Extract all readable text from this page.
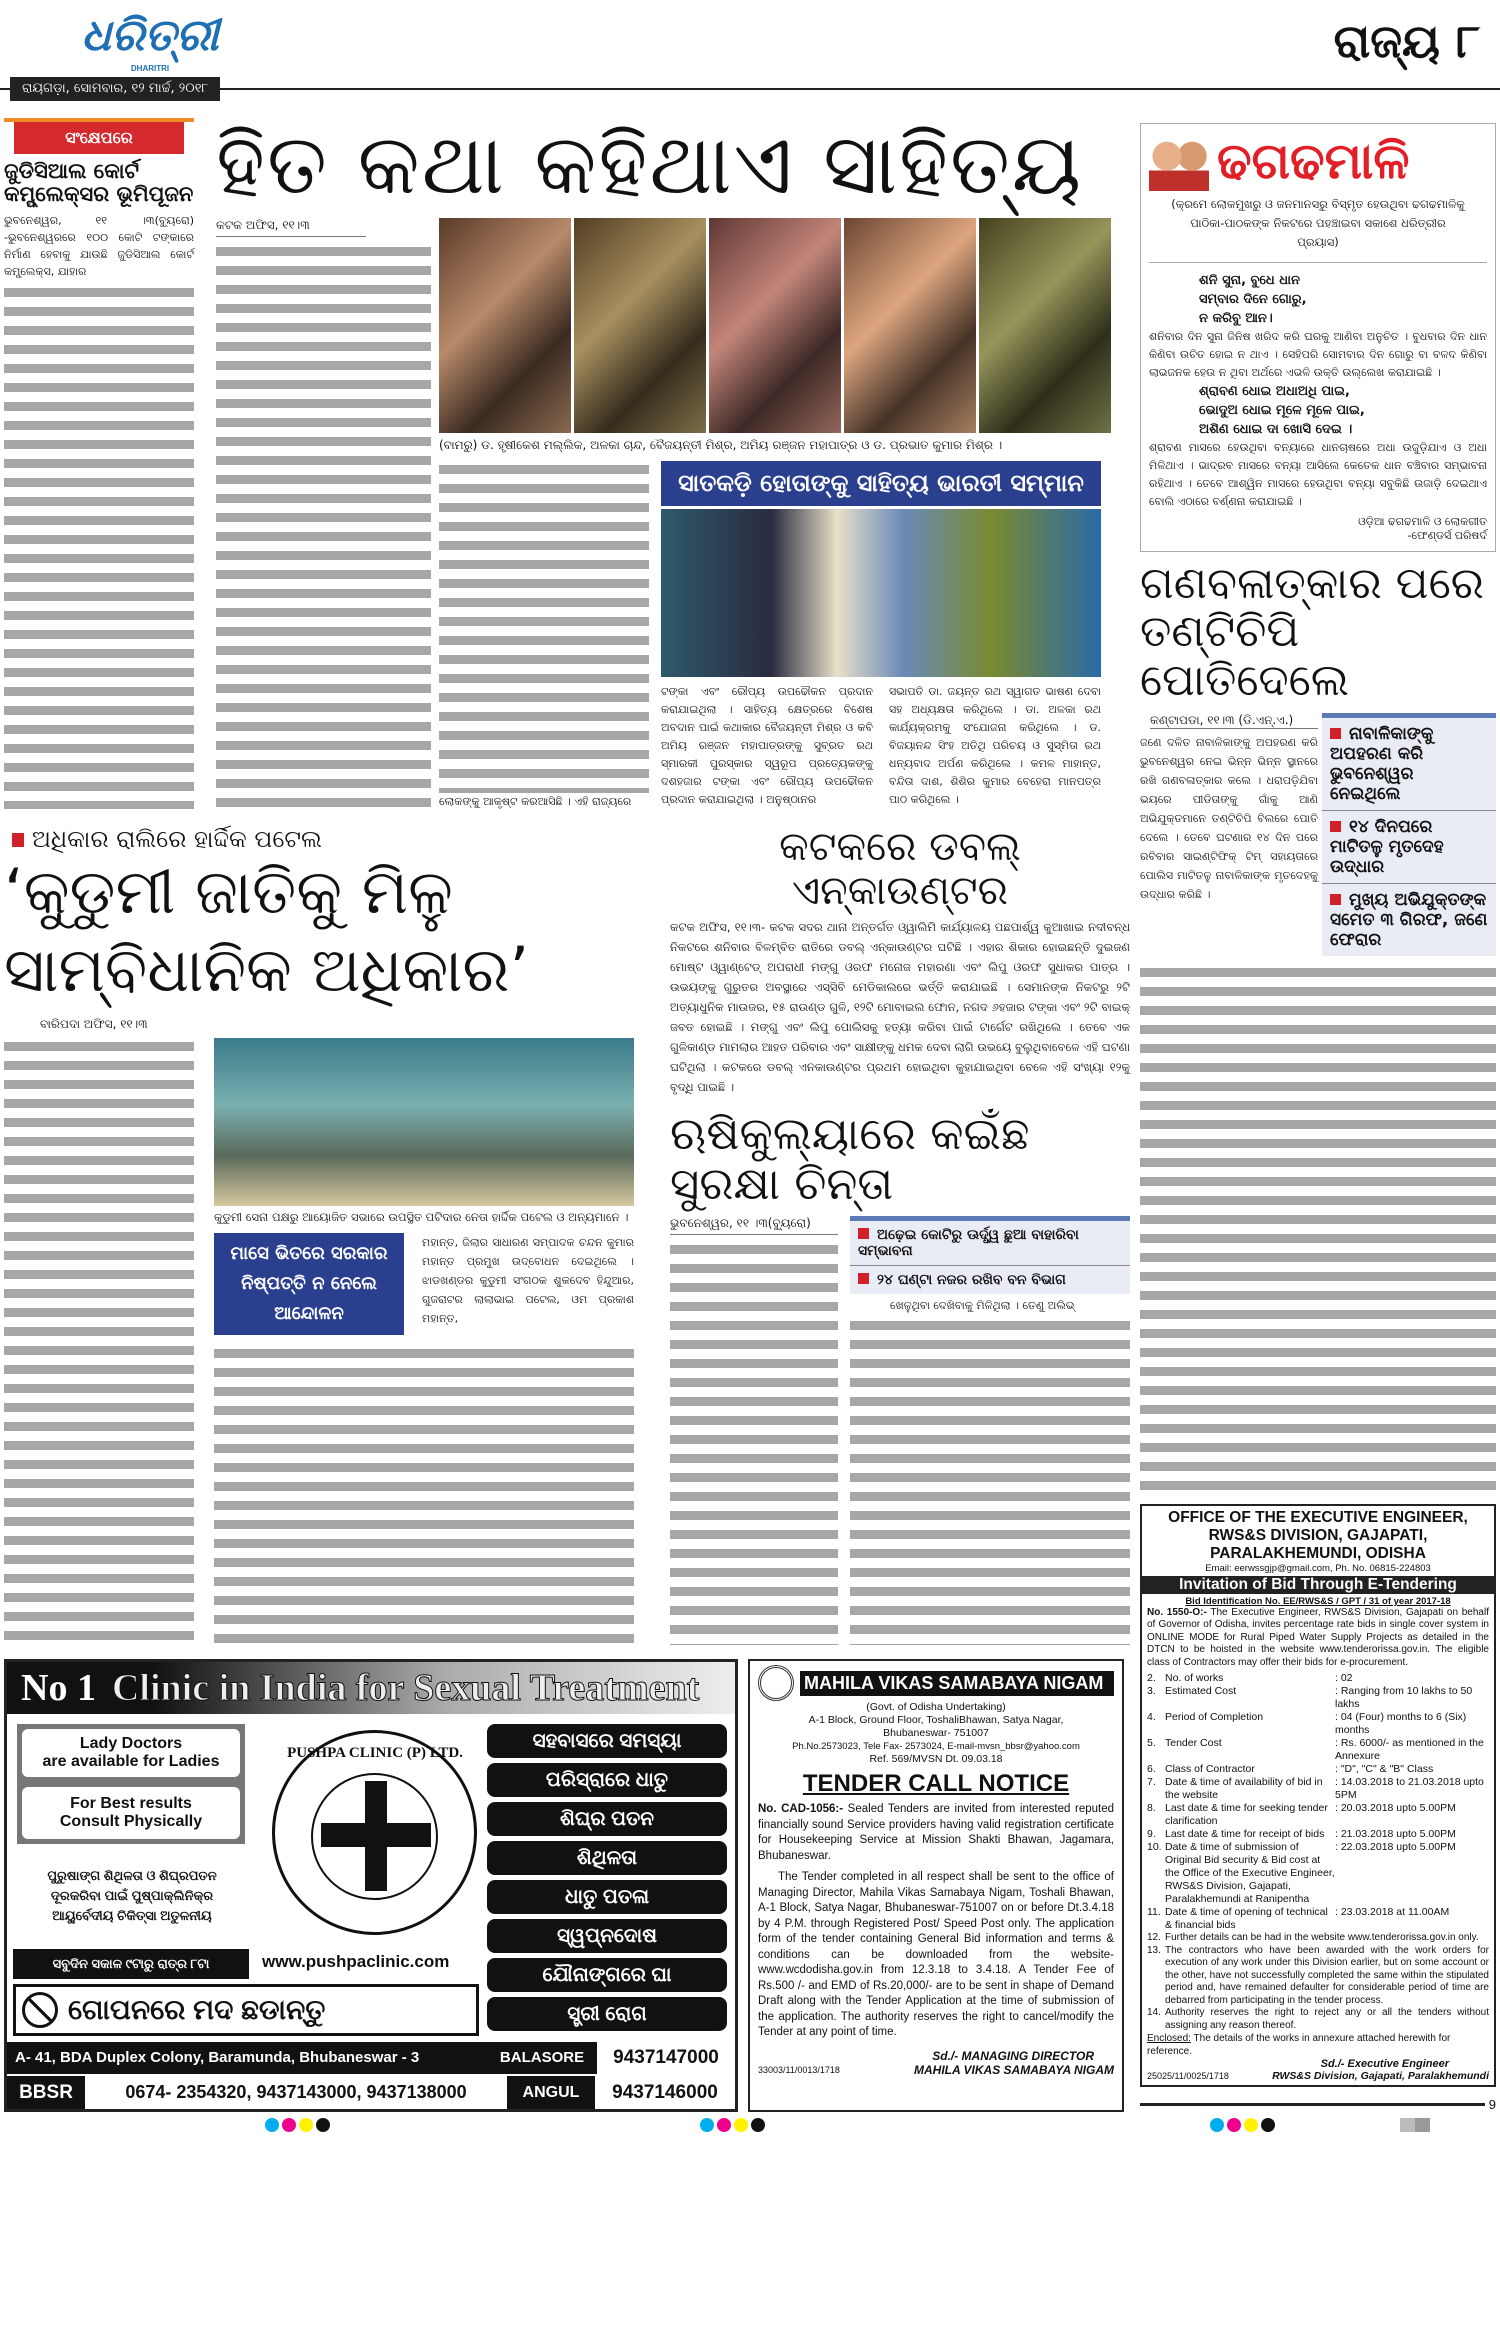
ଧରିତ୍ରୀ
DHARITRI
ରାୟଗଡ଼ା, ସୋମବାର, ୧୨ ମାର୍ଚ୍ଚ, ୨୦୧୮
ରାଜ୍ୟ ୮
ସଂକ୍ଷେପରେ
ଜୁଡିସିଆଲ କୋର୍ଟ କମ୍ପ୍ଲେକ୍ସର ଭୂମିପୂଜନ
ଭୁବନେଶ୍ୱର, ୧୧ ।୩(ବ୍ୟୁରୋ) -ଭୁବନେଶ୍ୱରରେ ୧୦୦ କୋଟି ଟଙ୍କାରେ ନିର୍ମାଣ ହେବାକୁ ଯାଉଛି ଜୁଡିସିଆଲ କୋର୍ଟ କମ୍ପ୍ଲେକ୍ସ, ଯାହାର
ହିତ କଥା କହିଥାଏ ସାହିତ୍ୟ
କଟକ ଅଫିସ, ୧୧।୩
(ବାମରୁ) ଡ. ହୃଷୀକେଶ ମଲ୍ଲିକ, ଅଳକା ଚାନ୍ଦ, ବୈଜୟନ୍ତୀ ମିଶ୍ର, ଅମିୟ ରଞ୍ଜନ ମହାପାତ୍ର ଓ ଡ. ପ୍ରଭାତ କୁମାର ମିଶ୍ର ।
ଲୋକଙ୍କୁ ଆକୃଷ୍ଟ କରଆସିଛି । ଏହି ରାଜ୍ୟରେ
ସାତକଡ଼ି ହୋତାଙ୍କୁ ସାହିତ୍ୟ ଭାରତୀ ସମ୍ମାନ
ଟଙ୍କା ଏବଂ ରୌପ୍ୟ ଉପଢୌକନ ପ୍ରଦାନ କରାଯାଇଥିଲା । ସାହିତ୍ୟ କ୍ଷେତ୍ରରେ ବିଶେଷ ଅବଦାନ ପାଇଁ କଥାକାର ବୈଜୟନ୍ତୀ ମିଶ୍ର ଓ କବି ଅମିୟ ରଞ୍ଜନ ମହାପାତ୍ରଙ୍କୁ ସୁବ୍ରତ ରଥ ସ୍ମାରକୀ ପୁରସ୍କାର ସ୍ୱରୂପ ପ୍ରତ୍ୟେକଙ୍କୁ ଦଶହଜାର ଟଙ୍କା ଏବଂ ରୌପ୍ୟ ଉପଢୌକନ ପ୍ରଦାନ କରାଯାଇଥିଲା । ଅନୁଷ୍ଠାନର
ସଭାପତି ଡା. ଜୟନ୍ତ ରଥ ସ୍ୱାଗତ ଭାଷଣ ଦେବା ସହ ଅଧ୍ୟକ୍ଷତା କରିଥିଲେ । ଡା. ଅଳକା ରଥ କାର୍ଯ୍ୟକ୍ରମକୁ ସଂଯୋଜନା କରିଥିଲେ । ଡ. ବିଜୟାନନ୍ଦ ସିଂହ ଅତିଥି ପରିଚୟ ଓ ସୁସ୍ମିତା ରଥ ଧନ୍ୟବାଦ ଅର୍ପଣ କରିଥିଲେ । କମଳ ମାହାନ୍ତ, ବନ୍ଦିତା ଦାଶ, ଶିଶିର କୁମାର ବେହେରା ମାନପତ୍ର ପାଠ କରିଥିଲେ ।
ଅଧିକାର ରାଲିରେ ହାର୍ଦ୍ଦିକ ପଟେଲ
‘କୁଡୁମୀ ଜାତିକୁ ମିଳୁ ସାମ୍ବିଧାନିକ ଅଧିକାର’
ବାରିପଦା ଅଫିସ, ୧୧।୩
କୁଡୁମୀ ସେନା ପକ୍ଷରୁ ଆୟୋଜିତ ସଭାରେ ଉପସ୍ଥିତ ପଟିଦାର ନେତା ହାର୍ଦ୍ଦିକ ପଟେଲ ଓ ଅନ୍ୟମାନେ ।
ମାସେ ଭିତରେ ସରକାର ନିଷ୍ପତ୍ତି ନ ନେଲେ ଆନ୍ଦୋଳନ
ମହାନ୍ତ, ଜିଲାର ସାଧାରଣ ସମ୍ପାଦକ ଚନ୍ଦନ କୁମାର ମହାନ୍ତ ପ୍ରମୁଖ ଉଦ୍‌ବୋଧନ ଦେଇଥିଲେ । ଝାଡଖଣ୍ଡର କୁଡୁମୀ ସଂଗଠକ ଶୁକଦେବ ହିନ୍ଦୁଆର, ଗୁଜରାଟର ଲାଲାଭାଇ ପଟେଲ, ଓମ ପ୍ରକାଶ ମହାନ୍ତ,
କଟକରେ ଡବଲ୍ ଏନ୍‌କାଉଣ୍ଟର
କଟକ ଅଫିସ, ୧୧।୩- କଟକ ସଦର ଥାନା ଅନ୍ତର୍ଗତ ଓ୍ୱାଲିମି କାର୍ଯ୍ୟାଳୟ ପଛପାର୍ଶ୍ୱ କୁଆଖାଇ ନଦୀବନ୍ଧ ନିକଟରେ ଶନିବାର ବିଳମ୍ବିତ ରାତିରେ ଡବଲ୍ ଏନ୍‌କାଉଣ୍ଟର ଘଟିଛି । ଏହାର ଶିକାର ହୋଇଛନ୍ତି ଦୁଇଜଣ ମୋଷ୍ଟ ଓ୍ୱାଣ୍ଟେଡ୍ ଅପରାଧୀ ମଙ୍ଗୁ ଓରଫ ମନୋଜ ମହାରଣା ଏବଂ ଲିପୁ ଓରଫ ସୁଧାକର ପାତ୍ର । ଉଭୟଙ୍କୁ ଗୁରୁତର ଅବସ୍ଥାରେ ଏସ୍‌ସିବି ମେଡିକାଲରେ ଭର୍ତ୍ତି କରାଯାଇଛି । ସେମାନଙ୍କ ନିକଟରୁ ୨ଟି ଅତ୍ୟାଧୁନିକ ମାଉଜର, ୧୫ ରାଉଣ୍ଡ ଗୁଳି, ୧୨ଟି ମୋବାଇଲ ଫୋନ, ନଗଦ ୬ହଜାର ଟଙ୍କା ଏବଂ ୨ଟି ବାଇକ୍ ଜବତ ହୋଇଛି । ମଙ୍ଗୁ ଏବଂ ଲିପୁ ପୋଲିସକୁ ହତ୍ୟା କରିବା ପାଇଁ ଟାର୍ଗେଟ ରଖିଥିଲେ । ତେବେ ଏକ ଗୁଳିକାଣ୍ଡ ମାମଲାର ଆହତ ପରିବାର ଏବଂ ସାକ୍ଷୀଙ୍କୁ ଧମକ ଦେବା ଲାଗି ଉଭୟେ ବୁଲୁଥିବାବେଳେ ଏହି ଘଟଣା ଘଟିଥିଲା । କଟକରେ ଡବଲ୍ ଏନକାଉଣ୍ଟର ପ୍ରଥମ ହୋଇଥିବା କୁହାଯାଇଥିବା ବେଳେ ଏହି ସଂଖ୍ୟା ୧୨କୁ ବୃଦ୍ଧି ପାଇଛି ।
ଋଷିକୁଲ୍ୟାରେ କଇଁଛ ସୁରକ୍ଷା ଚିନ୍ତା
ଭୁବନେଶ୍ୱର, ୧୧ ।୩(ବ୍ୟୁରୋ)
ଅଢ଼େଇ କୋଟିରୁ ଊର୍ଦ୍ଧ୍ୱ ଛୁଆ ବାହାରିବା ସମ୍ଭାବନା
୨୪ ଘଣ୍ଟା ନଜର ରଖିବ ବନ ବିଭାଗ
ଖେଳୁଥିବା ଦେଖିବାକୁ ମିଳିଥିଲା । ତେଣୁ ଅଲିଭ୍
No 1 Clinic in India for Sexual Treatment
Lady Doctors
are available for Ladies
For Best results
Consult Physically
ପୁରୁଷାଙ୍ଗ ଶିଥିଳତା ଓ ଶିଘ୍ରପତନ
ଦୂରକରିବା ପାଇଁ ପୁଷ୍ପାକ୍ଲିନିକ୍‌ର
ଆୟୁର୍ବେଦୀୟ ଚିକିତ୍ସା ଅତୁଳନୀୟ
ସବୁଦିନ ସକାଳ ୯ଟାରୁ ରାତ୍ର ୮ଟା
PUSHPA CLINIC (P) LTD.
www.pushpaclinic.com
ଗୋପନରେ ମଦ ଛଡାନ୍ତୁ
ସହବାସରେ ସମସ୍ୟା
ପରିସ୍ରାରେ ଧାତୁ
ଶିଘ୍ର ପତନ
ଶିଥିଳତା
ଧାତୁ ପତଳା
ସ୍ୱପ୍ନଦୋଷ
ଯୌନାଙ୍ଗରେ ଘା
ସ୍ତ୍ରୀ ରୋଗ
A- 41, BDA Duplex Colony, Baramunda, Bhubaneswar - 3	BALASORE	9437147000
BBSR	0674- 2354320, 9437143000, 9437138000	ANGUL	9437146000
MAHILA VIKAS SAMABAYA NIGAM
(Govt. of Odisha Undertaking)
A-1 Block, Ground Floor, ToshaliBhawan, Satya Nagar,
Bhubaneswar- 751007
Ph.No.2573023, Tele Fax- 2573024, E-mail-mvsn_bbsr@yahoo.com
Ref. 569/MVSN Dt. 09.03.18
TENDER CALL NOTICE
No. CAD-1056:- Sealed Tenders are invited from interested reputed financially sound Service providers having valid registration certificate for Housekeeping Service at Mission Shakti Bhawan, Jagamara, Bhubaneswar.
The Tender completed in all respect shall be sent to the office of Managing Director, Mahila Vikas Samabaya Nigam, Toshali Bhawan, A-1 Block, Satya Nagar, Bhubaneswar-751007 on or before Dt.3.4.18 by 4 P.M. through Registered Post/ Speed Post only. The application form of the tender containing General Bid information and terms & conditions can be downloaded from the website-www.wcdodisha.gov.in from 12.3.18 to 3.4.18. A Tender Fee of Rs.500 /- and EMD of Rs.20,000/- are to be sent in shape of Demand Draft along with the Tender Application at the time of submission of the application. The authority reserves the right to cancel/modify the Tender at any point of time.
Sd./- MANAGING DIRECTOR
33003/11/0013/1718	MAHILA VIKAS SAMABAYA NIGAM
ଢଗଢମାଳି
(କ୍ରମେ ଲୋକମୁଖରୁ ଓ ଜନମାନସରୁ ବିସ୍ମୃତ ହେଉଥିବା ଢଗଢମାଳିକୁ ପାଠିକା-ପାଠକଙ୍କ ନିକଟରେ ପହଞ୍ଚାଇବା ସକାଶେ ଧରିତ୍ରୀର ପ୍ରୟାସ)
ଶନି ସୁନା, ବୁଧେ ଧାନ
ସମ୍ବାର ଦିନେ ଗୋରୁ,
ନ କରିବୁ ଆନ।
ଶନିବାର ଦିନ ସୁନା ଜିନିଷ ଖରିଦ କରି ଘରକୁ ଆଣିବା ଅନୁଚିତ । ବୁଧବାର ଦିନ ଧାନ କିଣିବା ଉଚିତ ହୋଇ ନ ଥାଏ । ସେହିପରି ସୋମବାର ଦିନ ଗୋରୁ ବା ବଳଦ କିଣିବା ଲାଭଜନକ ହେଉ ନ ଥିବା ଅର୍ଥରେ ଏଭଳି ଉକ୍ତି ଉଲ୍ଲେଖ କରାଯାଇଛି ।
ଶ୍ରାବଣ ଧୋଇ ଅଧାଅଧି ପାଇ,
ଭୋଦୁଅ ଧୋଇ ମୂଳେ ମୂଳେ ପାଇ,
ଅଶିଣ ଧୋଇ ଦା ଖୋସି ଦେଇ ।
ଶ୍ରାବଣ ମାସରେ ହେଉଥିବା ବନ୍ୟାରେ ଧାନଚାଷରେ ଅଧା ଉଜୁଡ଼ିଯାଏ ଓ ଅଧା ମିଳିଥାଏ । ଭାଦ୍ରବ ମାସରେ ବନ୍ୟା ଆସିଲେ କେତେକ ଧାନ ବଞ୍ଚିବାର ସମ୍ଭାବନା ରହିଥାଏ । ତେବେ ଆଶ୍ୱିନ ମାସରେ ହେଉଥିବା ବନ୍ୟା ସବୁକିଛି ଉଜାଡ଼ି ଦେଇଥାଏ ବୋଲି ଏଠାରେ ବର୍ଣ୍ଣନା କରାଯାଇଛି ।
ଓଡ଼ିଆ ଢଗଢମାଳି ଓ ଲୋକଗୀତ
-ଫେଣ୍ଡର୍ସ ପରିଷର୍ଦ
ଗଣବଳାତ୍କାର ପରେ ତଣ୍ଟିଚିପି ପୋତିଦେଲେ
କଣ୍ଟାପଡା, ୧୧।୩ (ଡି.ଏନ୍.ଏ.)
ଜଣେ ଦଳିତ ନାବାଳିକାଙ୍କୁ ଅପହରଣ କରି ଭୁବନେଶ୍ୱର ନେଇ ଭିନ୍ନ ଭିନ୍ନ ସ୍ଥାନରେ ରଖି ଗଣବଳାତ୍କାର କଲେ । ଧରାପଡ଼ିଯିବା ଭୟରେ ପୀଡିତାଙ୍କୁ ଗାଁକୁ ଆଣି ଅଭିଯୁକ୍ତମାନେ ତଣ୍ଟିଚିପି ବିଲରେ ପୋତି ଦେଲେ । ତେବେ ଘଟଣାର ୧୪ ଦିନ ପରେ ରବିବାର ସାଇଣ୍ଟିଫିକ୍ ଟିମ୍ ସହାୟତାରେ ପୋଲିସ ମାଟିତଳୁ ନାବାଳିକାଙ୍କ ମୃତଦେହକୁ ଉଦ୍ଧାର କରିଛି ।
ନାବାଳିକାଙ୍କୁ ଅପହରଣ କରି ଭୁବନେଶ୍ୱର ନେଇଥିଲେ
୧୪ ଦିନପରେ ମାଟିତଳୁ ମୃତଦେହ ଉଦ୍ଧାର
ମୁଖ୍ୟ ଅଭିଯୁକ୍ତଙ୍କ ସମେତ ୩ ଗିରଫ, ଜଣେ ଫେରାର
OFFICE OF THE EXECUTIVE ENGINEER, RWS&S DIVISION, GAJAPATI, PARALAKHEMUNDI, ODISHA
Email: eerwssgjp@gmail.com, Ph. No. 06815-224803
Invitation of Bid Through E-Tendering
Bid Identification No. EE/RWS&S / GPT / 31 of year 2017-18
No. 1550-O:- The Executive Engineer, RWS&S Division, Gajapati on behalf of Governor of Odisha, invites percentage rate bids in single cover system in ONLINE MODE for Rural Piped Water Supply Projects as detailed in the DTCN to be hoisted in the website www.tenderorissa.gov.in. The eligible class of Contractors may offer their bids for e-procurement.
2. No. of works	: 02
3. Estimated Cost	: Ranging from 10 lakhs to 50 lakhs
4. Period of Completion	: 04 (Four) months to 6 (Six) months
5. Tender Cost	: Rs. 6000/- as mentioned in the Annexure
6. Class of Contractor	: "D", "C" & "B" Class
7. Date & time of availability of bid in the website
: 14.03.2018 to 21.03.2018 upto 5PM
8. Last date & time for seeking tender clarification
: 20.03.2018 upto 5.00PM
9. Last date & time for receipt of bids	: 21.03.2018 upto 5.00PM
10. Date & time of submission of Original Bid security & Bid cost at the Office of the Executive Engineer, RWS&S Division, Gajapati, Paralakhemundi at Ranipentha
: 22.03.2018 upto 5.00PM
11. Date & time of opening of technical & financial bids
: 23.03.2018 at 11.00AM
12. Further details can be had in the website www.tenderorissa.gov.in only.
13. The contractors who have been awarded with the work orders for execution of any work under this Division earlier, but on some account or the other, have not successfully completed the same within the stipulated period and, have remained defaulter for considerable period of time are debarred from participating in the tender process.
14. Authority reserves the right to reject any or all the tenders without assigning any reason thereof.
Enclosed: The details of the works in annexure attached herewith for reference.
Sd./- Executive Engineer
25025/11/0025/1718	RWS&S Division, Gajapati, Paralakhemundi
9
